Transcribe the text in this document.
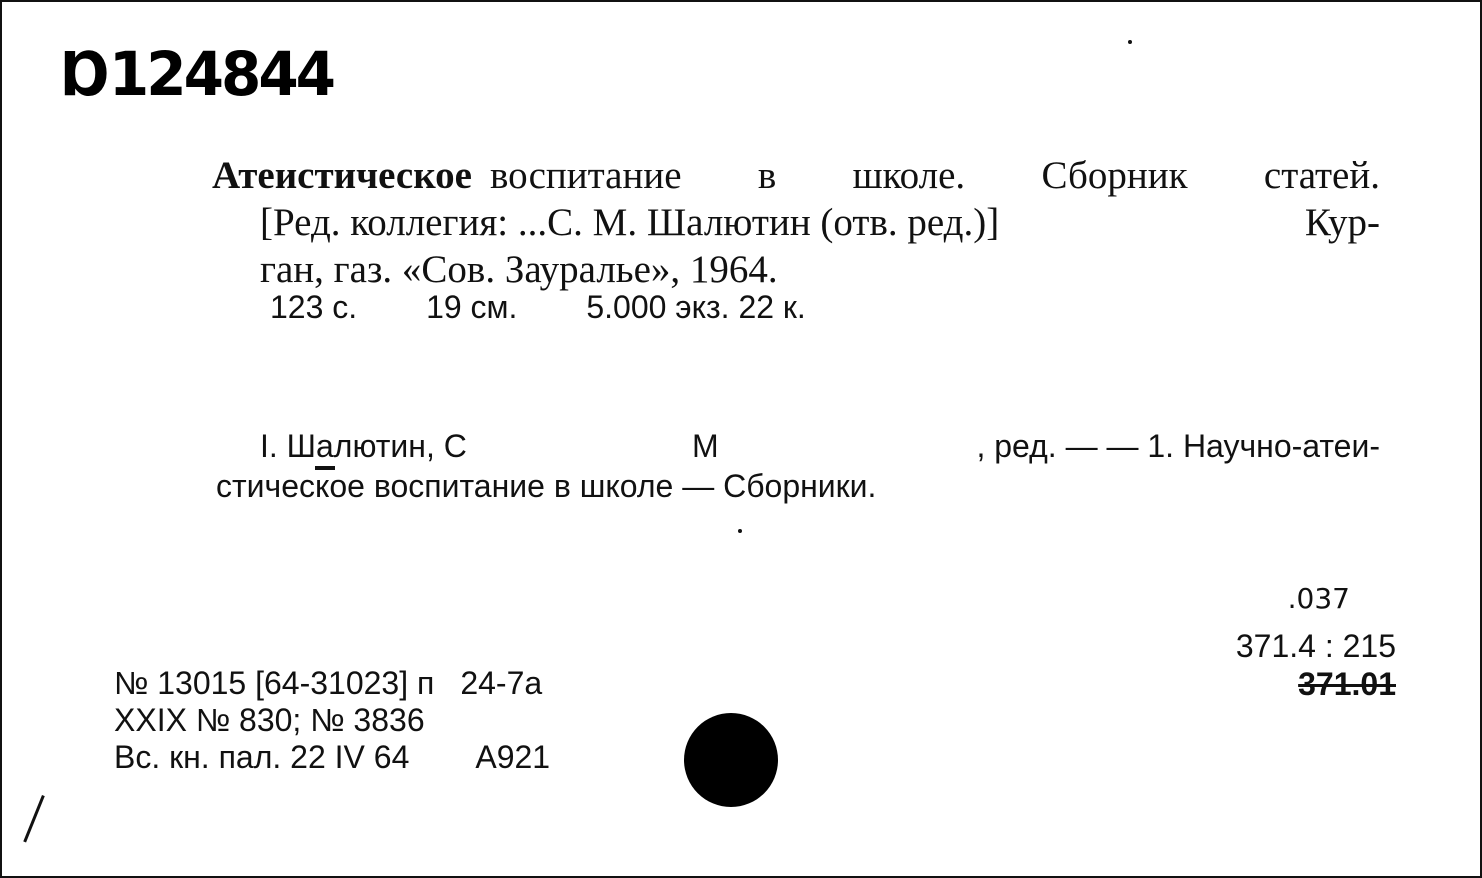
Ɒ124844
Атеистическое воспитание в школе. Сборник статей.
[Ред. коллегия: ...С. М. Шалютин (отв. ред.)]	Кур-
ган, газ. «Сов. Зауралье», 1964.
123 с. 19 см. 5.000 экз. 22 к.
I. Шалютин, С	М	, ред. — — 1. Научно-атеи-
стическое воспитание в школе — Сборники.
.037
371.4 : 215
371.01
№ 13015 [64-31023] п 24-7а
XXIX № 830; № 3836
Вс. кн. пал. 22 IV 64 А921
